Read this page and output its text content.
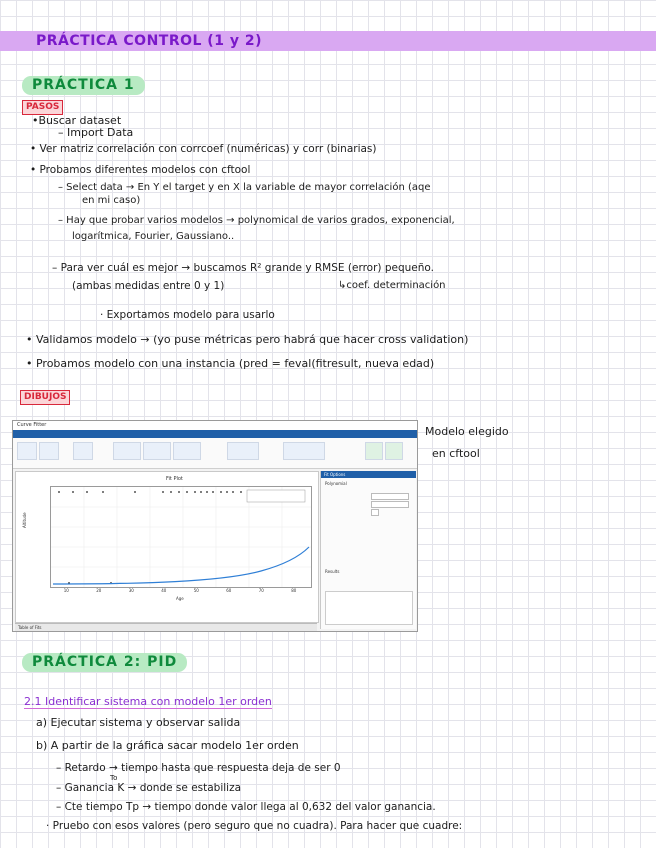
PRÁCTICA CONTROL (1 y 2)
PRÁCTICA 1
PASOS
•Buscar dataset
– Import Data
• Ver matriz correlación con corrcoef (numéricas) y corr (binarias)
• Probamos diferentes modelos con cftool
– Select data → En Y el target y en X la variable de mayor correlación (aqe
en mi caso)
– Hay que probar varios modelos → polynomical de varios grados, exponencial,
logarítmica, Fourier, Gaussiano..
– Para ver cuál es mejor → buscamos R² grande y RMSE (error) pequeño.
(ambas medidas entre 0 y 1)	↳coef. determinación
· Exportamos modelo para usarlo
• Validamos modelo → (yo puse métricas pero habrá que hacer cross validation)
• Probamos modelo con una instancia (pred = feval(fitresult, nueva edad)
DIBUJOS
Curve Fitter
Fit Plot
Altitude
Age
10	20	30	40	50	60	70	80
Table of Fits
Fit Options
Polynomial
Results
Modelo elegido
en cftool
PRÁCTICA 2: PID
2.1 Identificar sistema con modelo 1er orden
a) Ejecutar sistema y observar salida
b) A partir de la gráfica sacar modelo 1er orden
– Retardo → tiempo hasta que respuesta deja de ser 0
To
– Ganancia K → donde se estabiliza
– Cte tiempo Tp → tiempo donde valor llega al 0,632 del valor ganancia.
· Pruebo con esos valores (pero seguro que no cuadra). Para hacer que cuadre:
